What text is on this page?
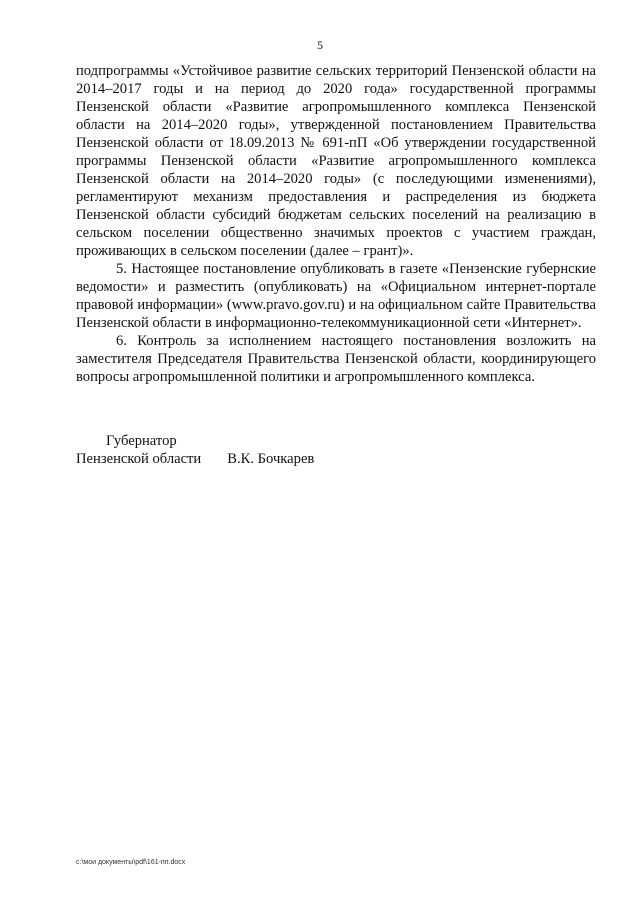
5

подпрограммы «Устойчивое развитие сельских территорий Пензенской области на 2014–2017 годы и на период до 2020 года» государственной программы Пензенской области «Развитие агропромышленного комплекса Пензенской области на 2014–2020 годы», утвержденной постановлением Правительства Пензенской области от 18.09.2013 № 691-пП «Об утверждении государственной программы Пензенской области «Развитие агропромышленного комплекса Пензенской области на 2014–2020 годы» (с последующими изменениями), регламентируют механизм предоставления и распределения из бюджета Пензенской области субсидий бюджетам сельских поселений на реализацию в сельском поселении общественно значимых проектов с участием граждан, проживающих в сельском поселении (далее – грант)».

5. Настоящее постановление опубликовать в газете «Пензенские губернские ведомости» и разместить (опубликовать) на «Официальном интернет-портале правовой информации» (www.pravo.gov.ru) и на официальном сайте Правительства Пензенской области в информационно-телекоммуникационной сети «Интернет».

6. Контроль за исполнением настоящего постановления возложить на заместителя Председателя Правительства Пензенской области, координирующего вопросы агропромышленной политики и агропромышленного комплекса.

Губернатор
Пензенской области В.К. Бочкарев
c:\мои документы\pdf\161-пп.docx
